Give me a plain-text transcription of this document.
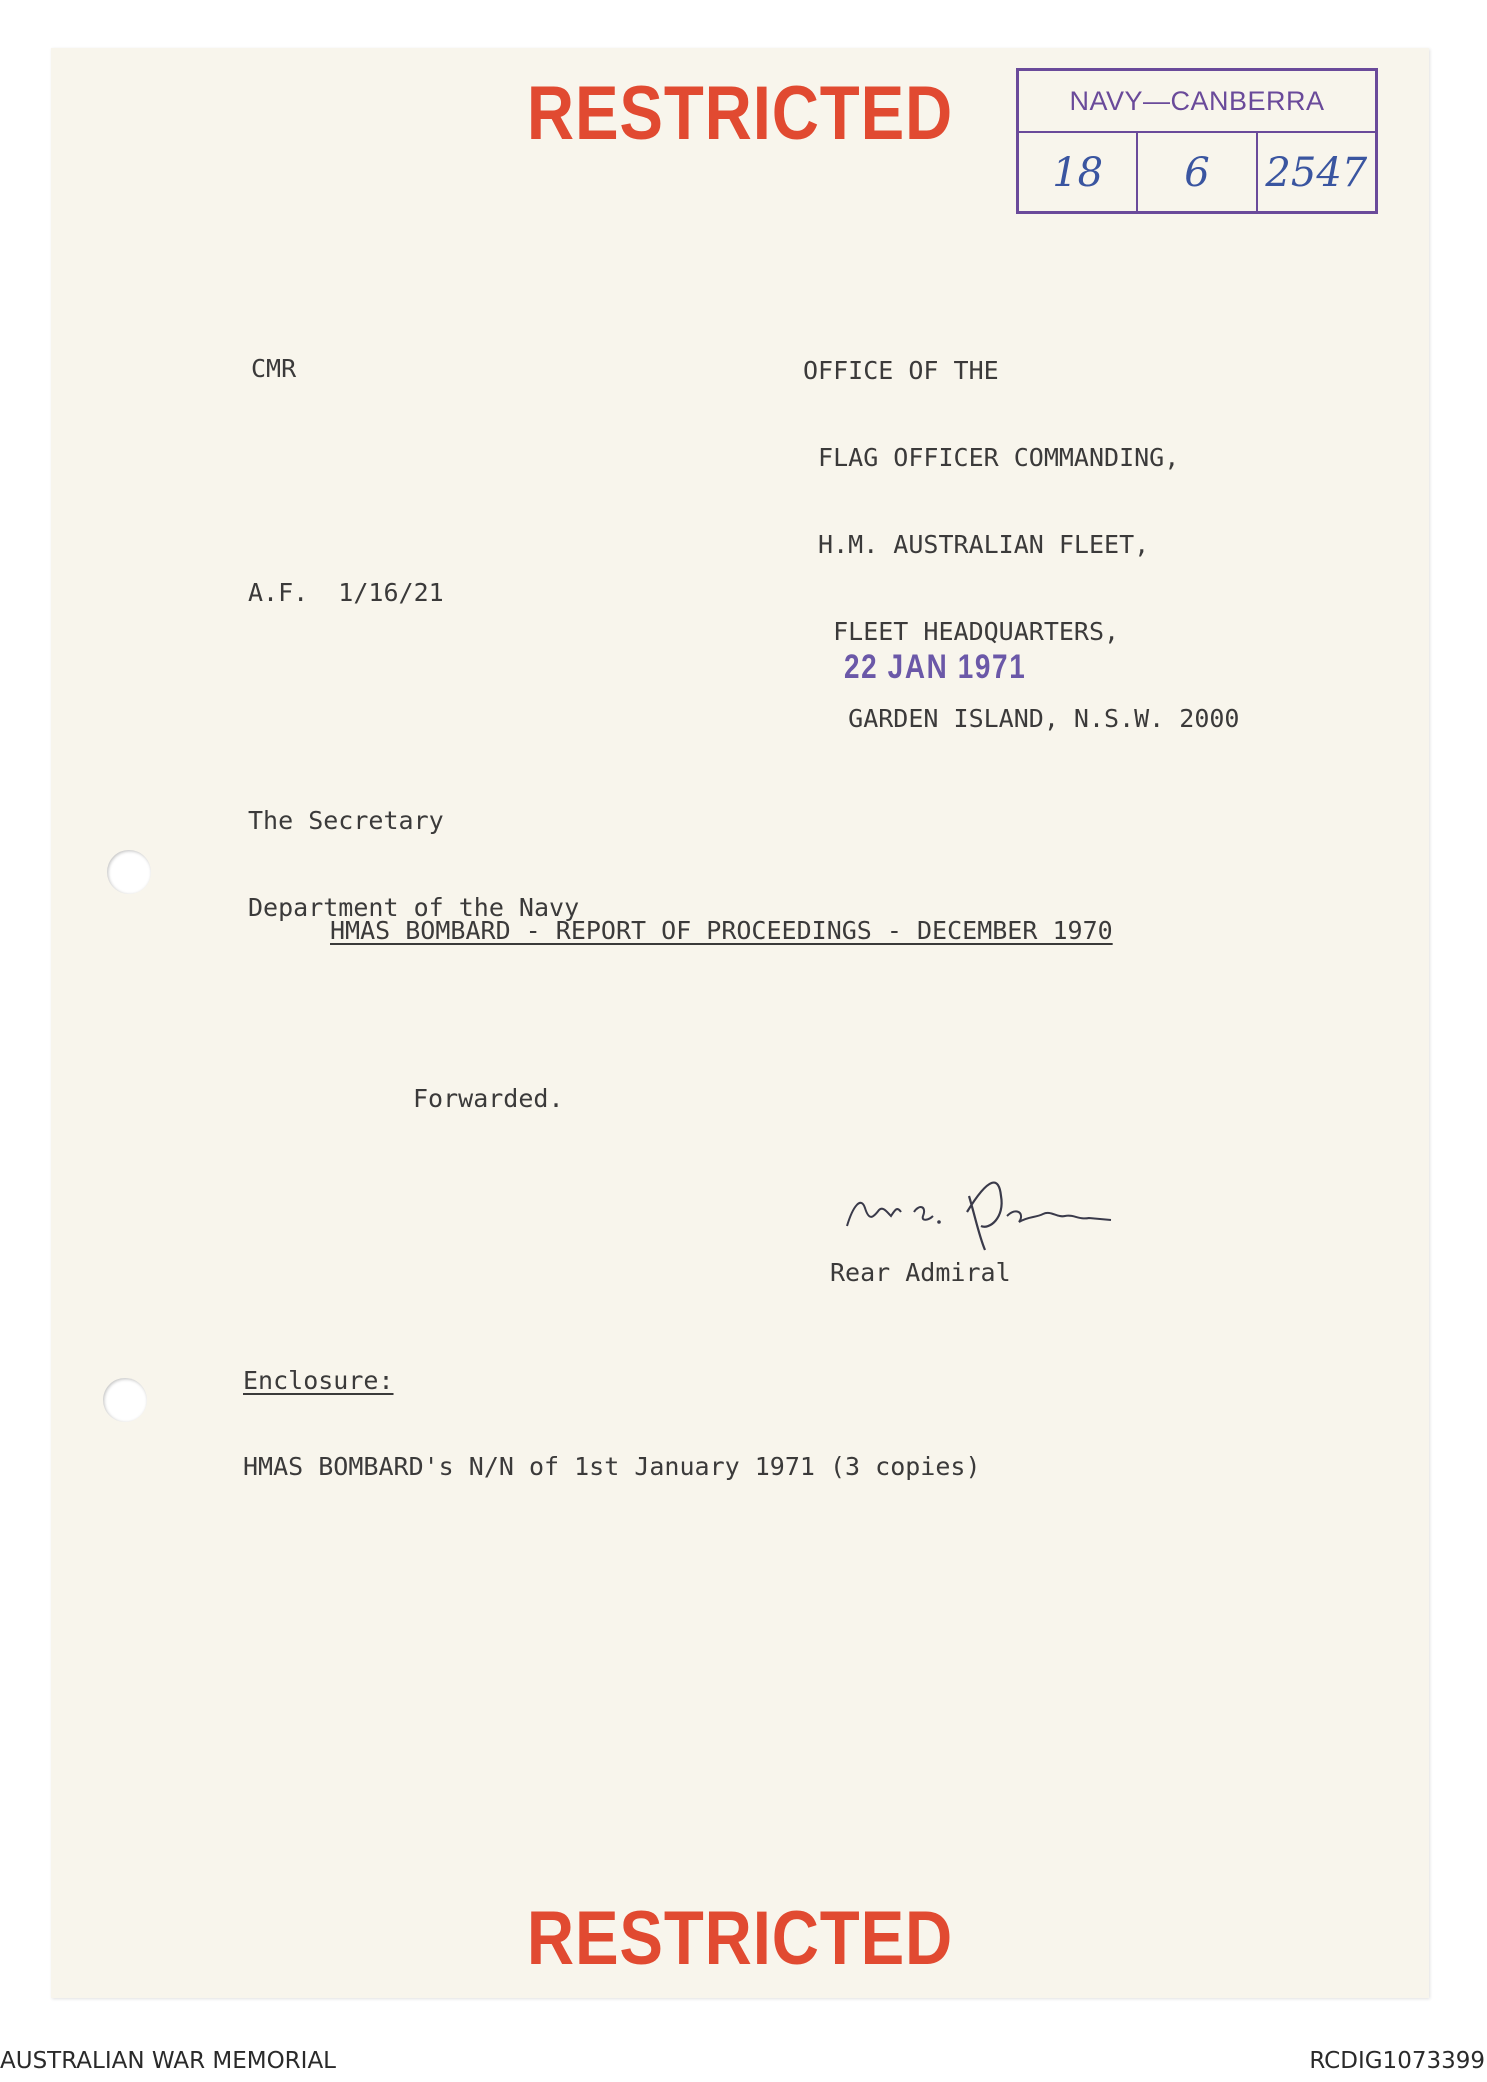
RESTRICTED	NAVY—CANBERRA
18	6	2547
CMR

	OFFICE OF THE

FLAG OFFICER COMMANDING,

H.M. AUSTRALIAN FLEET,

FLEET HEADQUARTERS,

GARDEN ISLAND, N.S.W. 2000

A.F.  1/16/21
22 JAN 1971

The Secretary

Department of the Navy

HMAS BOMBARD - REPORT OF PROCEEDINGS - DECEMBER 1970
Forwarded.
Rear Admiral
Enclosure:
HMAS BOMBARD's N/N of 1st January 1971 (3 copies)
RESTRICTED
AUSTRALIAN WAR MEMORIAL	RCDIG1073399
